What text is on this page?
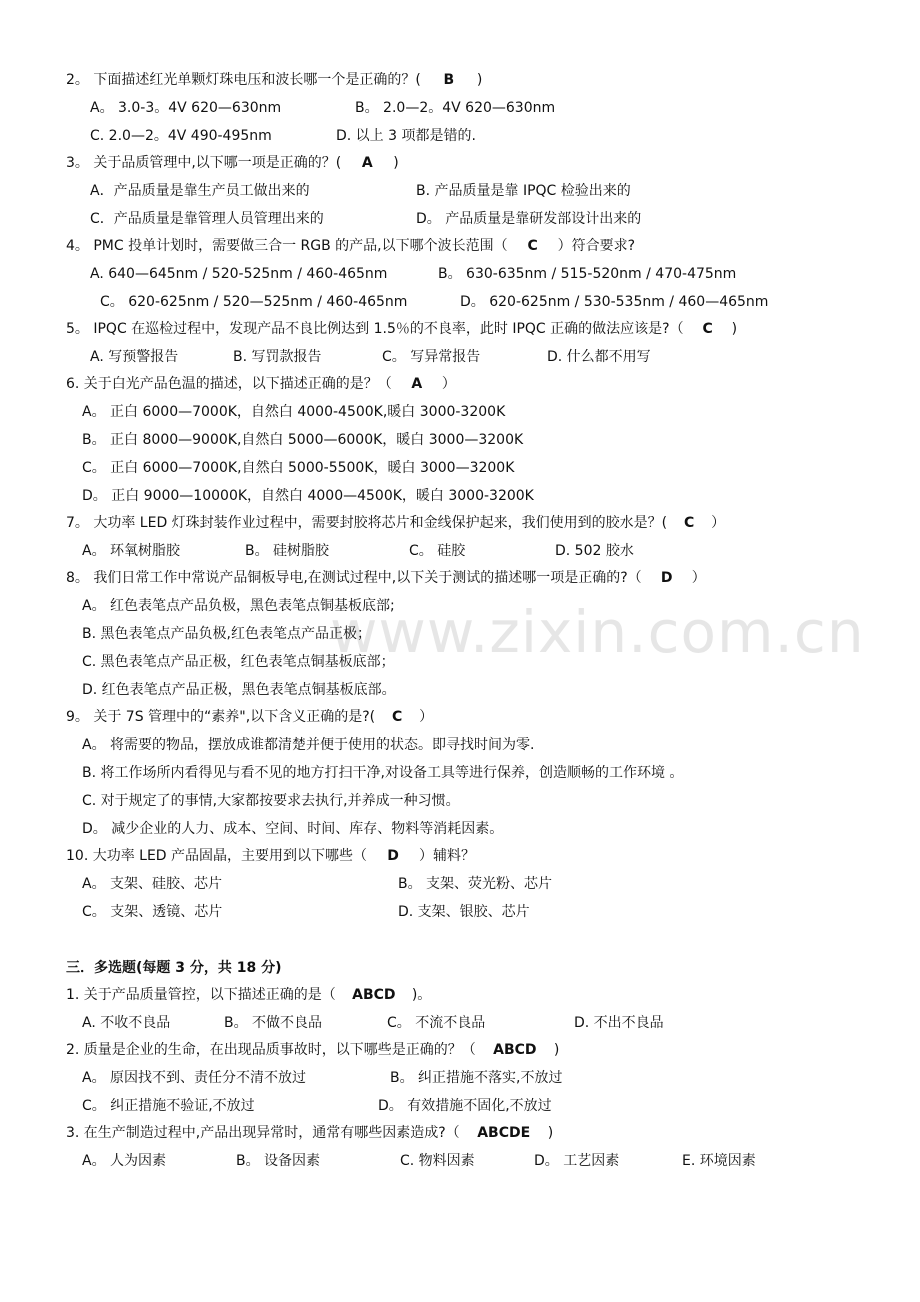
www.zixin.com.cn
2。 下面描述红光单颗灯珠电压和波长哪一个是正确的？( B )
A。 3.0-3。4V 620—630nm	B。 2.0—2。4V 620—630nm
C. 2.0—2。4V 490-495nm	D. 以上 3 项都是错的.
3。 关于品质管理中,以下哪一项是正确的？( A )
A．产品质量是靠生产员工做出来的	B. 产品质量是靠 IPQC 检验出来的
C．产品质量是靠管理人员管理出来的	D。 产品质量是靠研发部设计出来的
4。 PMC 投单计划时，需要做三合一 RGB 的产品,以下哪个波长范围（ C ）符合要求?
A. 640—645nm / 520-525nm / 460-465nm	B。 630-635nm / 515-520nm / 470-475nm
C。 620-625nm / 520—525nm / 460-465nm	D。 620-625nm / 530-535nm / 460—465nm
5。 IPQC 在巡检过程中，发现产品不良比例达到 1.5％的不良率，此时 IPQC 正确的做法应该是?（ C )
A. 写预警报告	B. 写罚款报告	C。 写异常报告	D. 什么都不用写
6. 关于白光产品色温的描述，以下描述正确的是？（ A ）
A。 正白 6000—7000K，自然白 4000-4500K,暖白 3000-3200K
B。 正白 8000—9000K,自然白 5000—6000K，暖白 3000—3200K
C。 正白 6000—7000K,自然白 5000-5500K，暖白 3000—3200K
D。 正白 9000—10000K，自然白 4000—4500K，暖白 3000-3200K
7。 大功率 LED 灯珠封装作业过程中，需要封胶将芯片和金线保护起来，我们使用到的胶水是？( C ）
A。 环氧树脂胶	B。 硅树脂胶	C。 硅胶	D. 502 胶水
8。 我们日常工作中常说产品铜板导电,在测试过程中,以下关于测试的描述哪一项是正确的?（ D ）
A。 红色表笔点产品负极，黑色表笔点铜基板底部;
B. 黑色表笔点产品负极,红色表笔点产品正极；
C. 黑色表笔点产品正极，红色表笔点铜基板底部；
D. 红色表笔点产品正极，黑色表笔点铜基板底部。
9。 关于 7S 管理中的“素养",以下含义正确的是?( C ）
A。 将需要的物品，摆放成谁都清楚并便于使用的状态。即寻找时间为零.
B. 将工作场所内看得见与看不见的地方打扫干净,对设备工具等进行保养，创造顺畅的工作环境 。
C. 对于规定了的事情,大家都按要求去执行,并养成一种习惯。
D。 减少企业的人力、成本、空间、时间、库存、物料等消耗因素。
10. 大功率 LED 产品固晶，主要用到以下哪些（ D ）辅料？
A。 支架、硅胶、芯片	B。 支架、荧光粉、芯片
C。 支架、透镜、芯片	D. 支架、银胶、芯片
三．多选题(每题 3 分，共 18 分)
1. 关于产品质量管控，以下描述正确的是（ ABCD )。
A. 不收不良品	B。 不做不良品	C。 不流不良品	D. 不出不良品
2. 质量是企业的生命，在出现品质事故时，以下哪些是正确的？（ ABCD )
A。 原因找不到、责任分不清不放过	B。 纠正措施不落实,不放过
C。 纠正措施不验证,不放过	D。 有效措施不固化,不放过
3. 在生产制造过程中,产品出现异常时，通常有哪些因素造成?（ ABCDE )
A。 人为因素	B。 设备因素	C. 物料因素	D。 工艺因素	E. 环境因素
